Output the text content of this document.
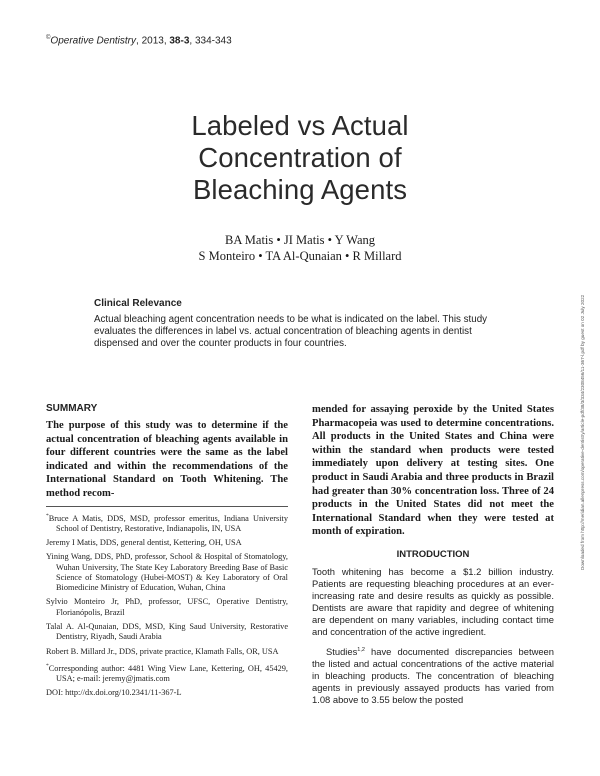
©Operative Dentistry, 2013, 38-3, 334-343
Labeled vs Actual
Concentration of
Bleaching Agents
BA Matis • JI Matis • Y Wang
S Monteiro • TA Al-Qunaian • R Millard
Downloaded from http://meridian.allenpress.com/operative-dentistry/article-pdf/38/3/334/2308456/11-367-l.pdf by guest on 02 July 2022
Clinical Relevance

Actual bleaching agent concentration needs to be what is indicated on the label. This study evaluates the differences in label vs. actual concentration of bleaching agents in dentist dispensed and over the counter products in four countries.

SUMMARY

The purpose of this study was to determine if the actual concentration of bleaching agents available in four different countries were the same as the label indicated and within the recommendations of the International Standard on Tooth Whitening. The method recom-

*Bruce A Matis, DDS, MSD, professor emeritus, Indiana University School of Dentistry, Restorative, Indianapolis, IN, USA

Jeremy I Matis, DDS, general dentist, Kettering, OH, USA

Yining Wang, DDS, PhD, professor, School & Hospital of Stomatology, Wuhan University, The State Key Laboratory Breeding Base of Basic Science of Stomatology (Hubei-MOST) & Key Laboratory of Oral Biomedicine Ministry of Education, Wuhan, China

Sylvio Monteiro Jr, PhD, professor, UFSC, Operative Dentistry, Florianópolis, Brazil

Talal A. Al-Qunaian, DDS, MSD, King Saud University, Restorative Dentistry, Riyadh, Saudi Arabia

Robert B. Millard Jr., DDS, private practice, Klamath Falls, OR, USA

*Corresponding author: 4481 Wing View Lane, Kettering, OH, 45429, USA; e-mail: jeremy@jmatis.com

DOI: http://dx.doi.org/10.2341/11-367-L

mended for assaying peroxide by the United States Pharmacopeia was used to determine concentrations. All products in the United States and China were within the standard when products were tested immediately upon delivery at testing sites. One product in Saudi Arabia and three products in Brazil had greater than 30% concentration loss. Three of 24 products in the United States did not meet the International Standard when they were tested at month of expiration.

INTRODUCTION

Tooth whitening has become a $1.2 billion industry. Patients are requesting bleaching procedures at an ever-increasing rate and desire results as quickly as possible. Dentists are aware that rapidity and degree of whitening are dependent on many variables, including contact time and concentration of the active ingredient.

Studies$^{1,2}$ have documented discrepancies between the listed and actual concentrations of the active material in bleaching products. The concentration of bleaching agents in previously assayed products has varied from 1.08 above to 3.55 below the posted
